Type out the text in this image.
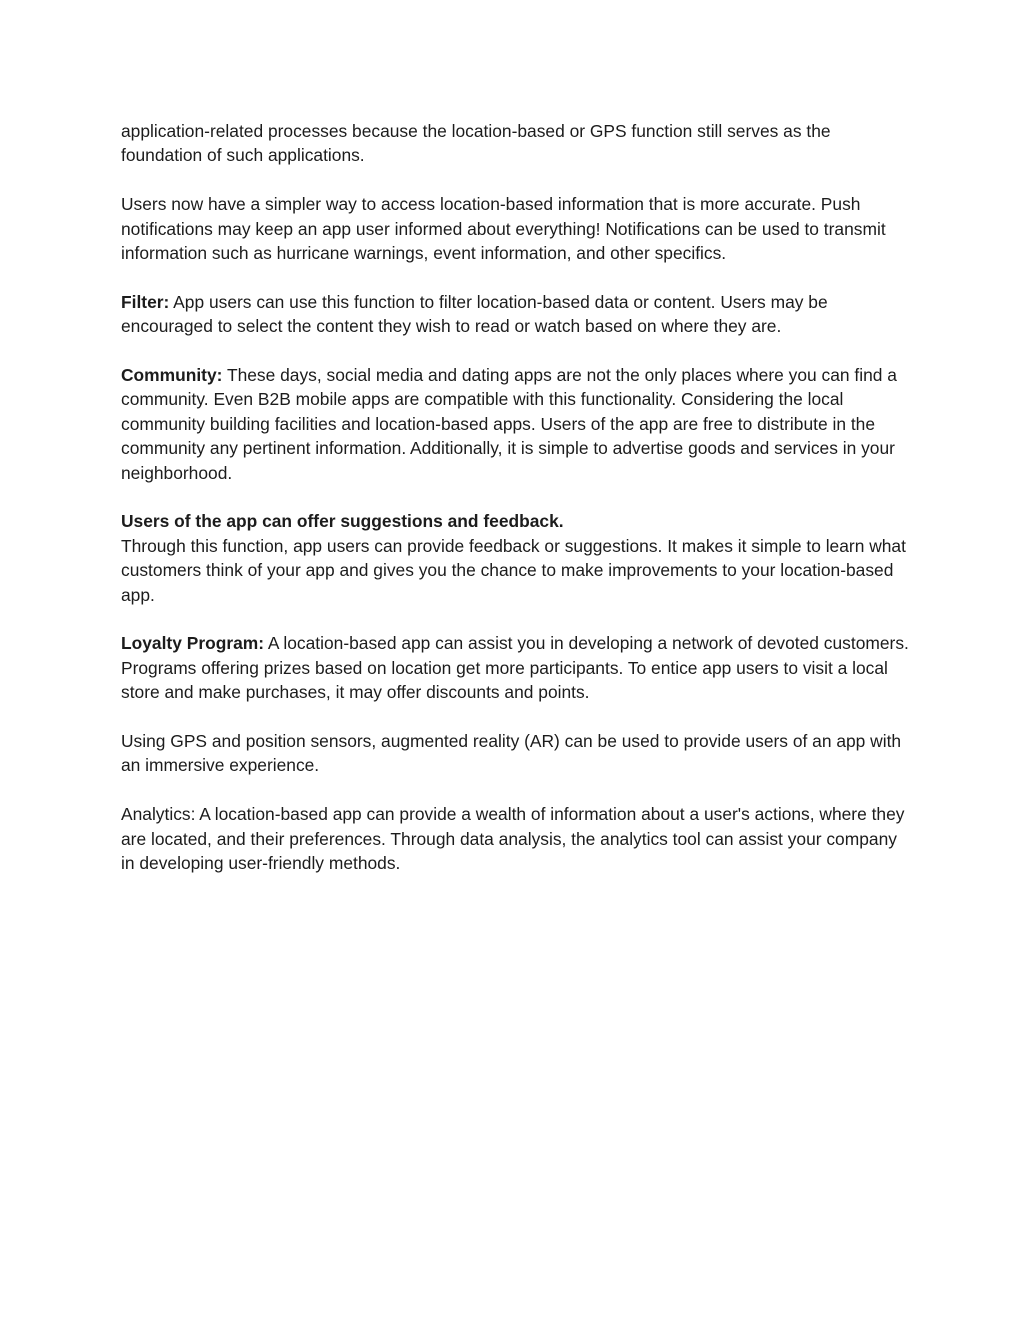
application-related processes because the location-based or GPS function still serves as the foundation of such applications.

Users now have a simpler way to access location-based information that is more accurate. Push notifications may keep an app user informed about everything! Notifications can be used to transmit information such as hurricane warnings, event information, and other specifics.

Filter: App users can use this function to filter location-based data or content. Users may be encouraged to select the content they wish to read or watch based on where they are.

Community: These days, social media and dating apps are not the only places where you can find a community. Even B2B mobile apps are compatible with this functionality. Considering the local community building facilities and location-based apps. Users of the app are free to distribute in the community any pertinent information. Additionally, it is simple to advertise goods and services in your neighborhood.

Users of the app can offer suggestions and feedback.
Through this function, app users can provide feedback or suggestions. It makes it simple to learn what customers think of your app and gives you the chance to make improvements to your location-based app.

Loyalty Program: A location-based app can assist you in developing a network of devoted customers. Programs offering prizes based on location get more participants. To entice app users to visit a local store and make purchases, it may offer discounts and points.

Using GPS and position sensors, augmented reality (AR) can be used to provide users of an app with an immersive experience.

Analytics: A location-based app can provide a wealth of information about a user's actions, where they are located, and their preferences. Through data analysis, the analytics tool can assist your company in developing user-friendly methods.
